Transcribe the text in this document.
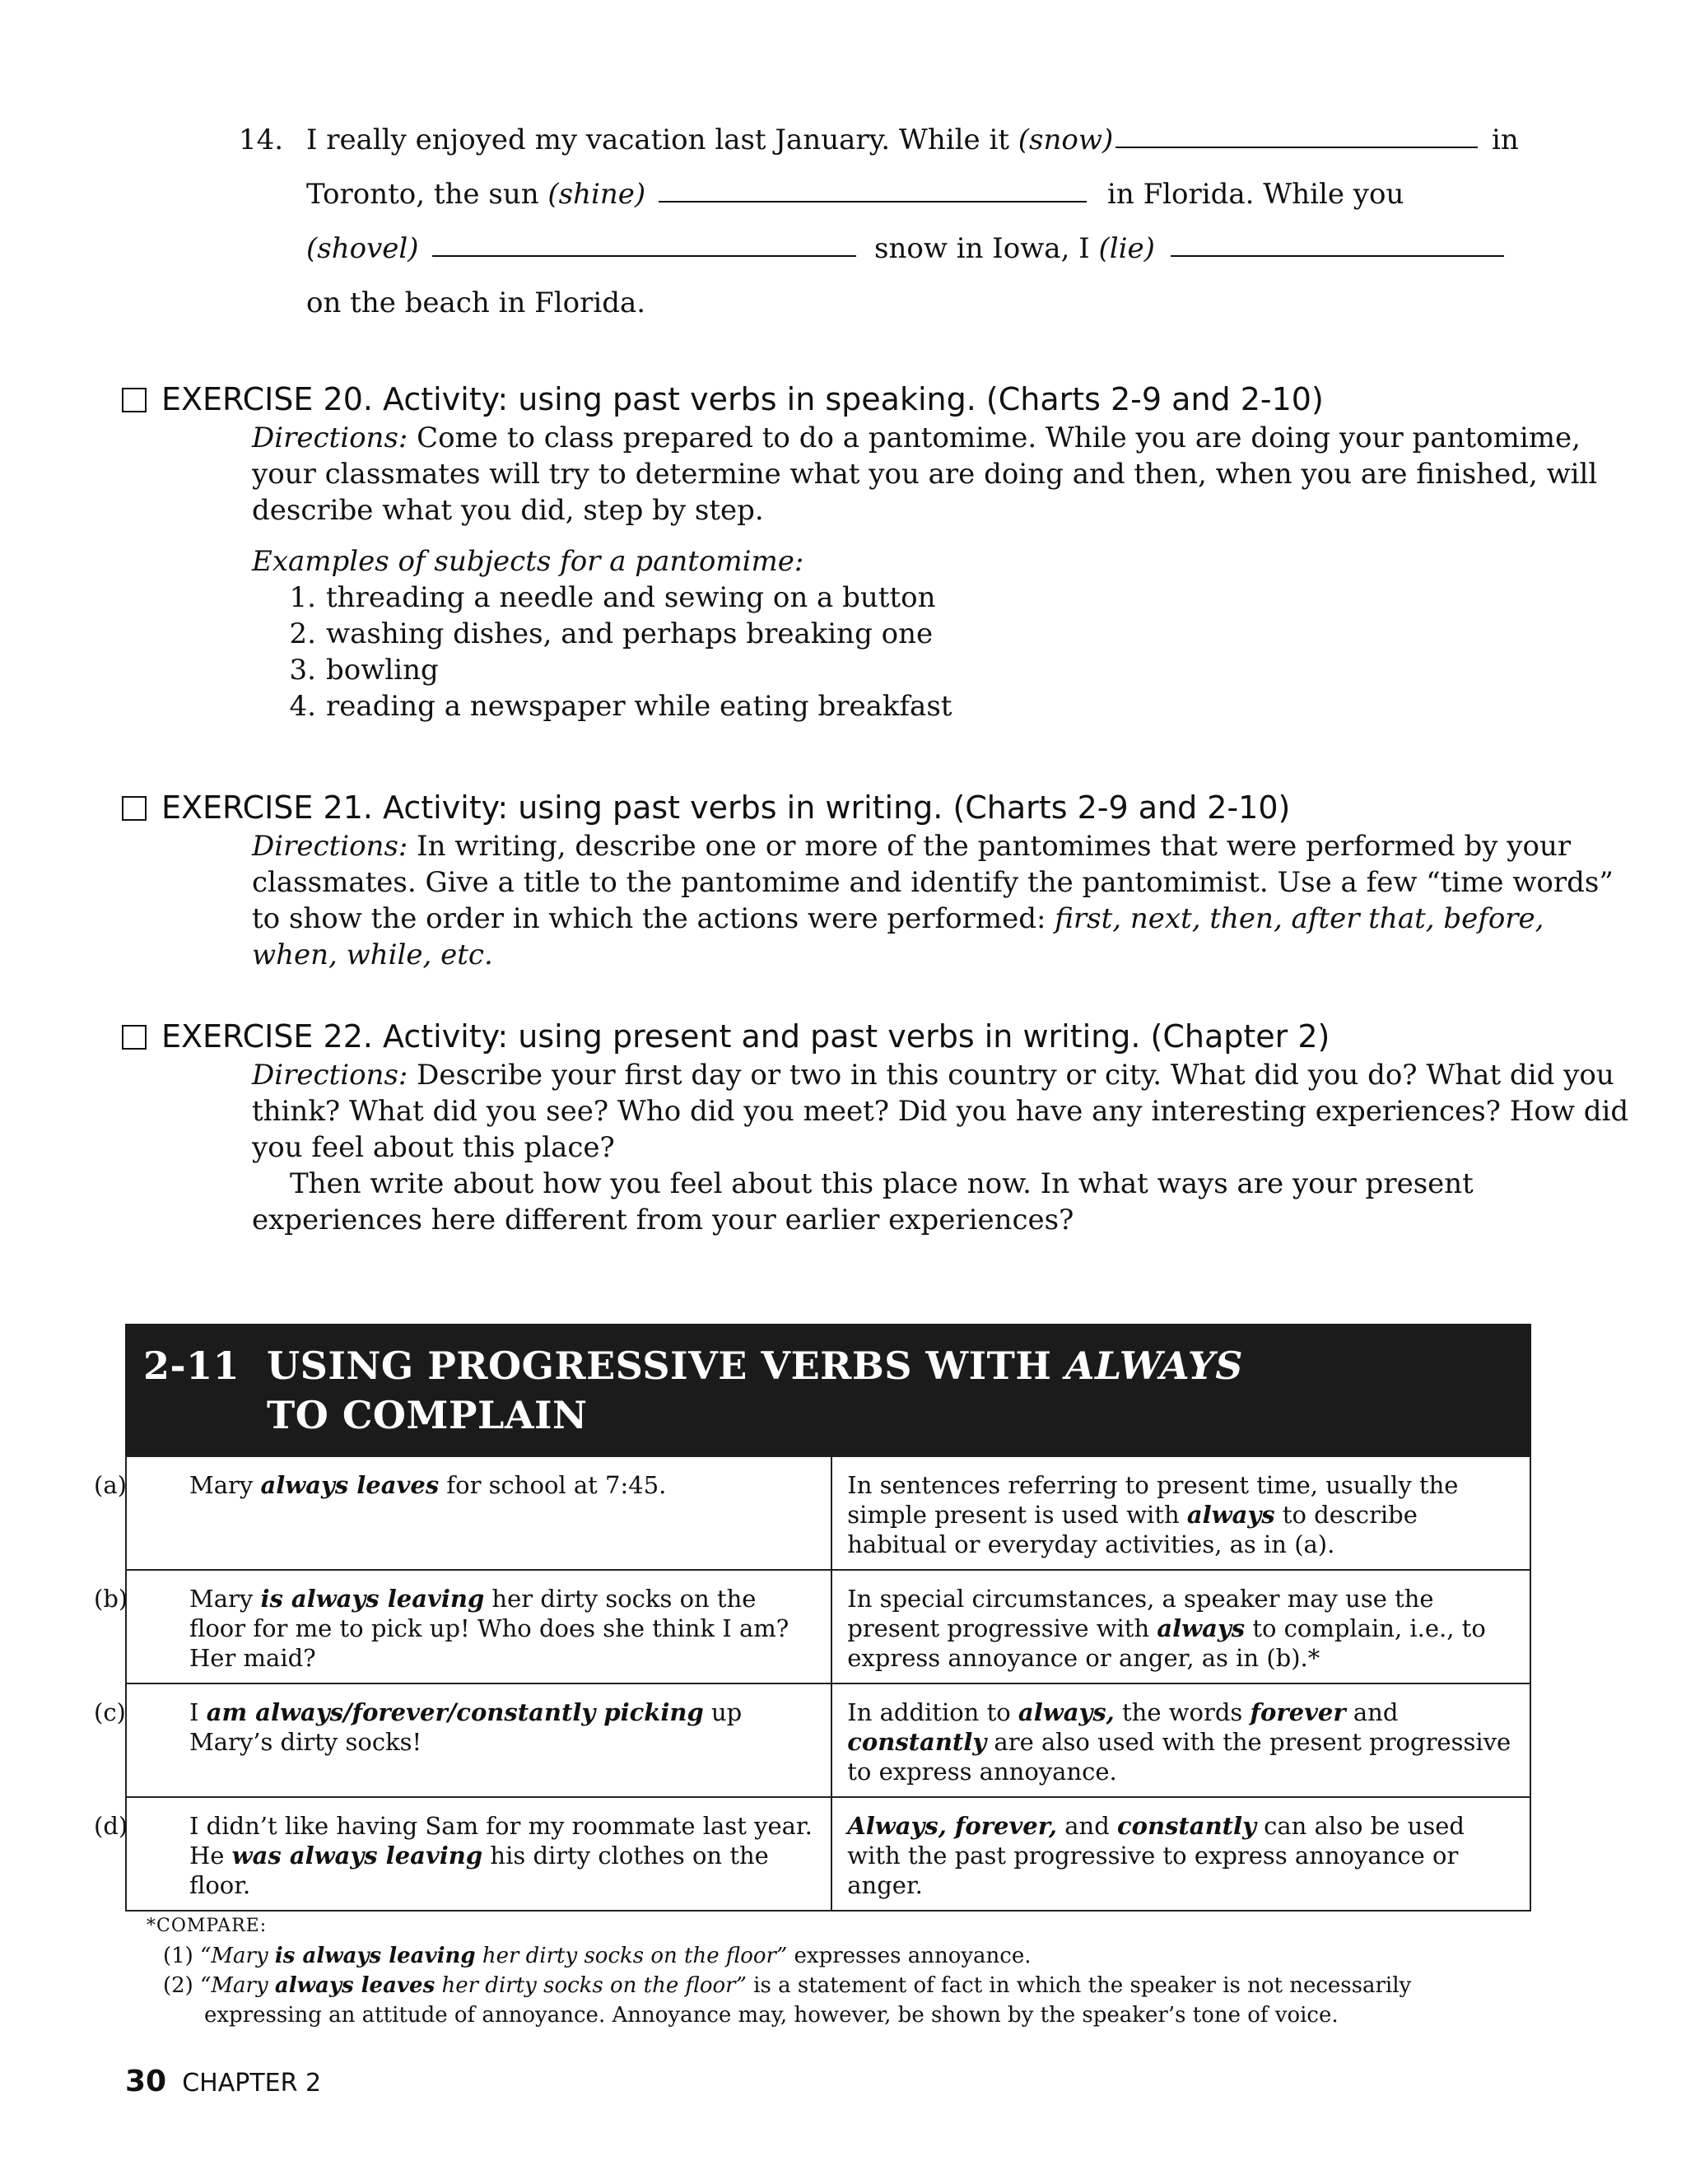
14. I really enjoyed my vacation last January. While it (snow)	in
Toronto, the sun (shine)	in Florida. While you
(shovel)	snow in Iowa, I (lie)
on the beach in Florida.
EXERCISE 20. Activity: using past verbs in speaking. (Charts 2-9 and 2-10)

Directions: Come to class prepared to do a pantomime. While you are doing your pantomime, your classmates will try to determine what you are doing and then, when you are finished, will describe what you did, step by step.

Examples of subjects for a pantomime:

1. threading a needle and sewing on a button
2. washing dishes, and perhaps breaking one
3. bowling
4. reading a newspaper while eating breakfast
EXERCISE 21. Activity: using past verbs in writing. (Charts 2-9 and 2-10)

Directions: In writing, describe one or more of the pantomimes that were performed by your classmates. Give a title to the pantomime and identify the pantomimist. Use a few “time words” to show the order in which the actions were performed: first, next, then, after that, before, when, while, etc.

EXERCISE 22. Activity: using present and past verbs in writing. (Chapter 2)

Directions: Describe your first day or two in this country or city. What did you do? What did you think? What did you see? Who did you meet? Did you have any interesting experiences? How did you feel about this place?

Then write about how you feel about this place now. In what ways are your present experiences here different from your earlier experiences?

2-11 USING PROGRESSIVE VERBS WITH ALWAYS
TO COMPLAIN
(a) Mary always leaves for school at 7:45.	In sentences referring to present time, usually the simple present is used with always to describe habitual or everyday activities, as in (a).

(b) Mary is always leaving her dirty socks on the floor for me to pick up! Who does she think I am? Her maid?	In special circumstances, a speaker may use the present progressive with always to complain, i.e., to express annoyance or anger, as in (b).*

(c) I am always/forever/constantly picking up Mary’s dirty socks!	In addition to always, the words forever and constantly are also used with the present progressive to express annoyance.

(d) I didn’t like having Sam for my roommate last year. He was always leaving his dirty clothes on the floor.	Always, forever, and constantly can also be used with the past progressive to express annoyance or anger.
*COMPARE:
(1) “Mary is always leaving her dirty socks on the floor” expresses annoyance.
(2) “Mary always leaves her dirty socks on the floor” is a statement of fact in which the speaker is not necessarily expressing an attitude of annoyance. Annoyance may, however, be shown by the speaker’s tone of voice.
30 CHAPTER 2
